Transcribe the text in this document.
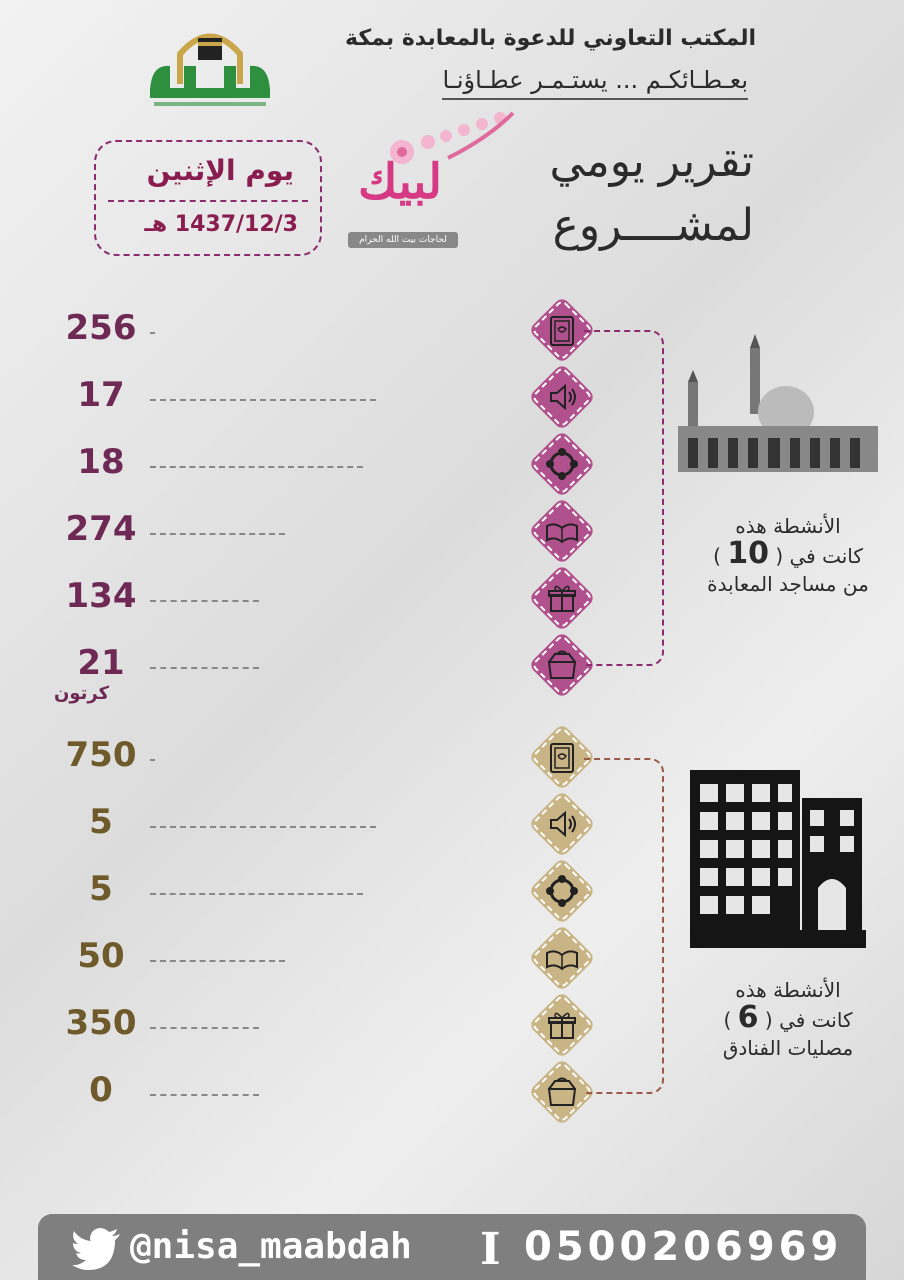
المكتب التعاوني للدعوة بالمعابدة بمكة
بعـطـائكـم ... يستـمـر عطـاؤنـا
تقرير يومي
لمشــــروع
لبيك
لحاجات بيت الله الحرام
يوم الإثنين
1437/12/3 هـ
256
17
18
274
134
21
كرتون
الأنشطة هذه
كانت في ( 10 )
من مساجد المعابدة
750
5
5
50
350
0
الأنشطة هذه
كانت في ( 6 )
مصليات الفنادق
@nisa_maabdah I 0500206969
